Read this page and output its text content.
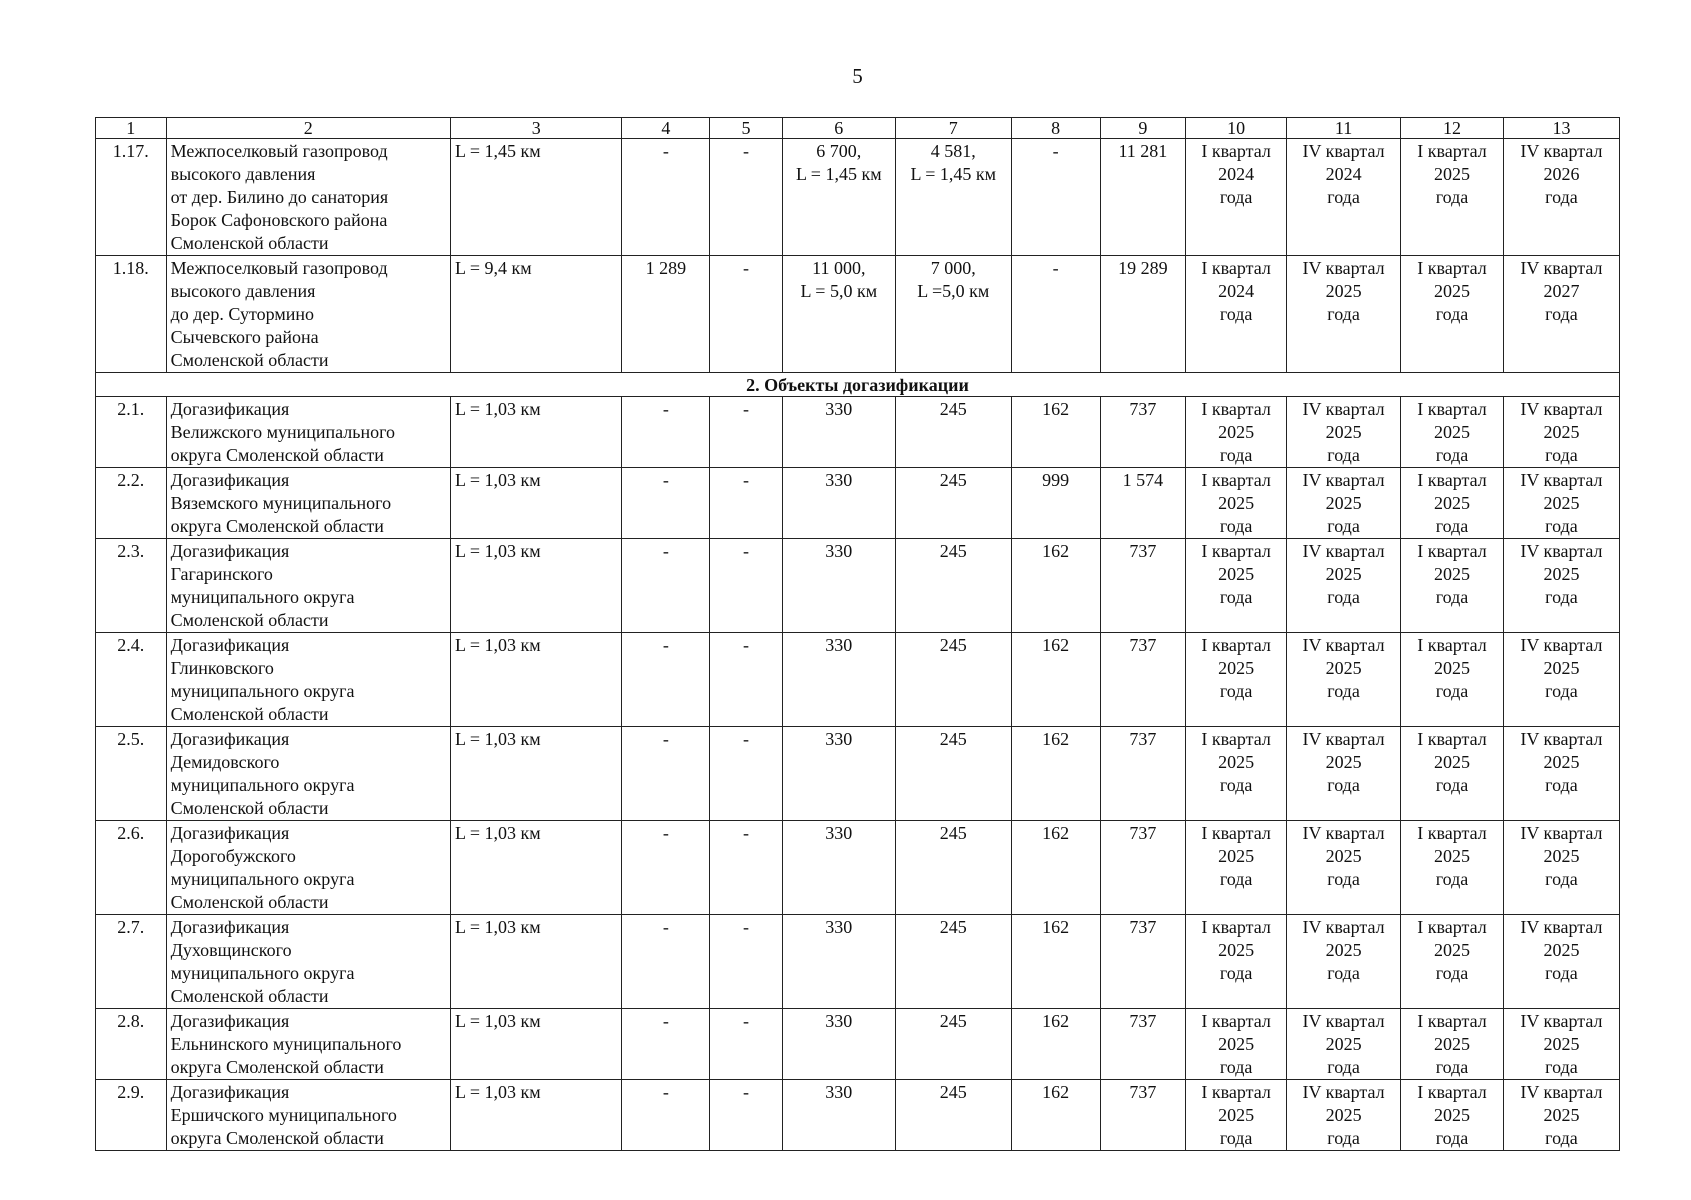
5
1	2	3	4	5	6	7	8	9	10	11	12	13
1.17.	Межпоселковый газопровод
высокого давления
от дер. Билино до санатория
Борок Сафоновского района
Смоленской области	L = 1,45 км	-	-	6 700,
L = 1,45 км	4 581,
L = 1,45 км	-	11 281	I квартал
2024
года	IV квартал
2024
года	I квартал
2025
года	IV квартал
2026
года
1.18.	Межпоселковый газопровод
высокого давления
до дер. Сутормино
Сычевского района
Смоленской области	L = 9,4 км	1 289	-	11 000,
L = 5,0 км	7 000,
L =5,0 км	-	19 289	I квартал
2024
года	IV квартал
2025
года	I квартал
2025
года	IV квартал
2027
года
2. Объекты догазификации												
2.1.	Догазификация
Велижского муниципального
округа Смоленской области	L = 1,03 км	-	-	330	245	162	737	I квартал
2025
года	IV квартал
2025
года	I квартал
2025
года	IV квартал
2025
года
2.2.	Догазификация
Вяземского муниципального
округа Смоленской области	L = 1,03 км	-	-	330	245	999	1 574	I квартал
2025
года	IV квартал
2025
года	I квартал
2025
года	IV квартал
2025
года
2.3.	Догазификация
Гагаринского
муниципального округа
Смоленской области	L = 1,03 км	-	-	330	245	162	737	I квартал
2025
года	IV квартал
2025
года	I квартал
2025
года	IV квартал
2025
года
2.4.	Догазификация
Глинковского
муниципального округа
Смоленской области	L = 1,03 км	-	-	330	245	162	737	I квартал
2025
года	IV квартал
2025
года	I квартал
2025
года	IV квартал
2025
года
2.5.	Догазификация
Демидовского
муниципального округа
Смоленской области	L = 1,03 км	-	-	330	245	162	737	I квартал
2025
года	IV квартал
2025
года	I квартал
2025
года	IV квартал
2025
года
2.6.	Догазификация
Дорогобужского
муниципального округа
Смоленской области	L = 1,03 км	-	-	330	245	162	737	I квартал
2025
года	IV квартал
2025
года	I квартал
2025
года	IV квартал
2025
года
2.7.	Догазификация
Духовщинского
муниципального округа
Смоленской области	L = 1,03 км	-	-	330	245	162	737	I квартал
2025
года	IV квартал
2025
года	I квартал
2025
года	IV квартал
2025
года
2.8.	Догазификация
Ельнинского муниципального
округа Смоленской области	L = 1,03 км	-	-	330	245	162	737	I квартал
2025
года	IV квартал
2025
года	I квартал
2025
года	IV квартал
2025
года
2.9.	Догазификация
Ершичского муниципального
округа Смоленской области	L = 1,03 км	-	-	330	245	162	737	I квартал
2025
года	IV квартал
2025
года	I квартал
2025
года	IV квартал
2025
года
